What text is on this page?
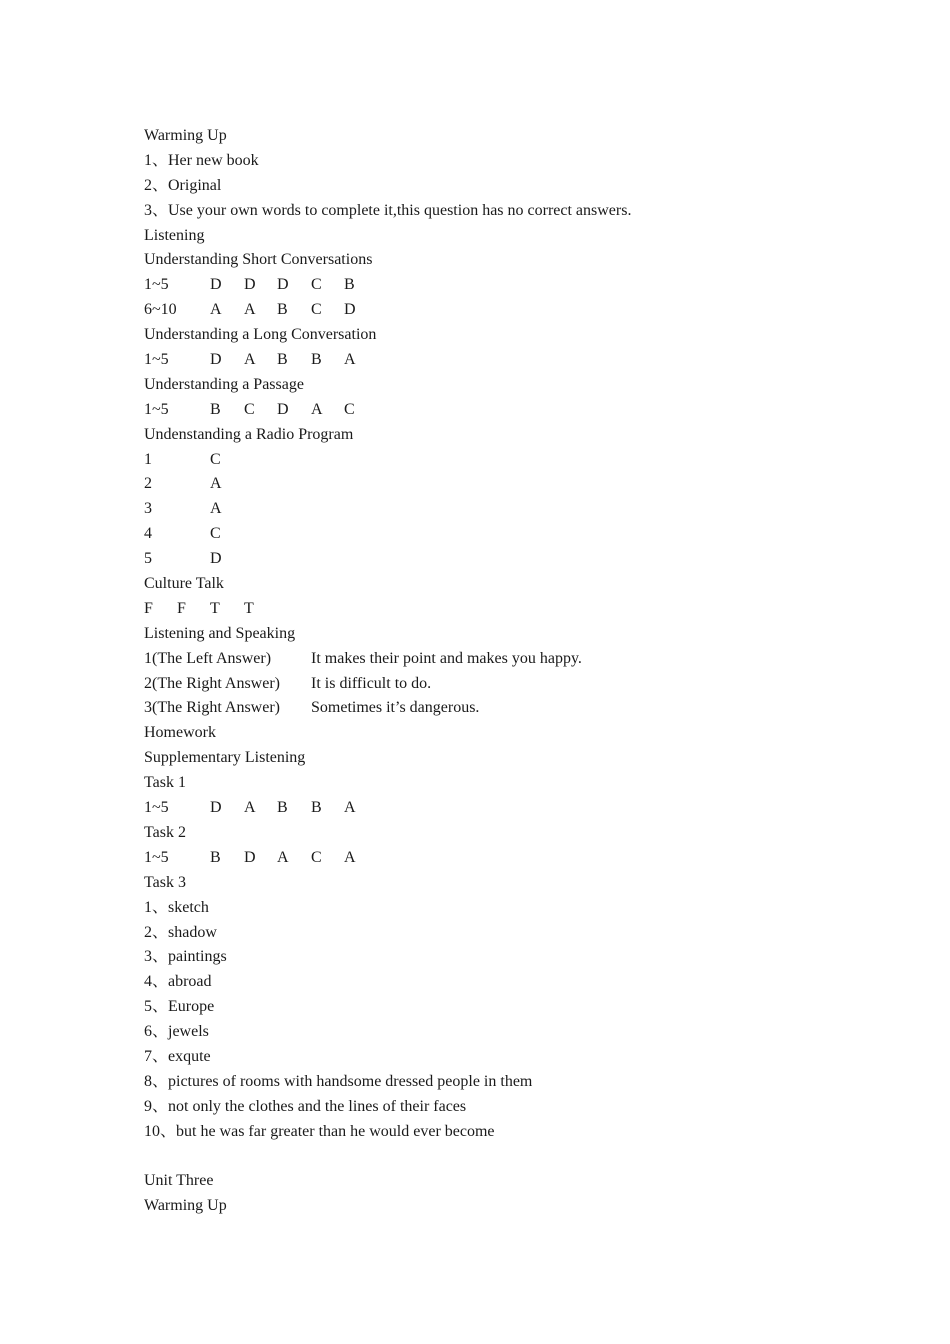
Warming Up
1、Her new book
2、Original
3、Use your own words to complete it,this question has no correct answers.
Listening
Understanding Short Conversations
1~5	D D D C B
6~10 A A B C D
Understanding a Long Conversation
1~5	D A B B A
Understanding a Passage
1~5	B C D A C
Undenstanding a Radio Program
1	C
2	A
3	A
4	C
5	D
Culture Talk
F F T T
Listening and Speaking
1(The Left Answer) It makes their point and makes you happy.
2(The Right Answer) It is difficult to do.
3(The Right Answer) Sometimes it’s dangerous.
Homework
Supplementary Listening
Task 1
1~5	D A B B A
Task 2
1~5	B D A C A
Task 3
1、sketch
2、shadow
3、paintings
4、abroad
5、Europe
6、jewels
7、exqute
8、pictures of rooms with handsome dressed people in them
9、not only the clothes and the lines of their faces
10、but he was far greater than he would ever become
Unit Three
Warming Up
